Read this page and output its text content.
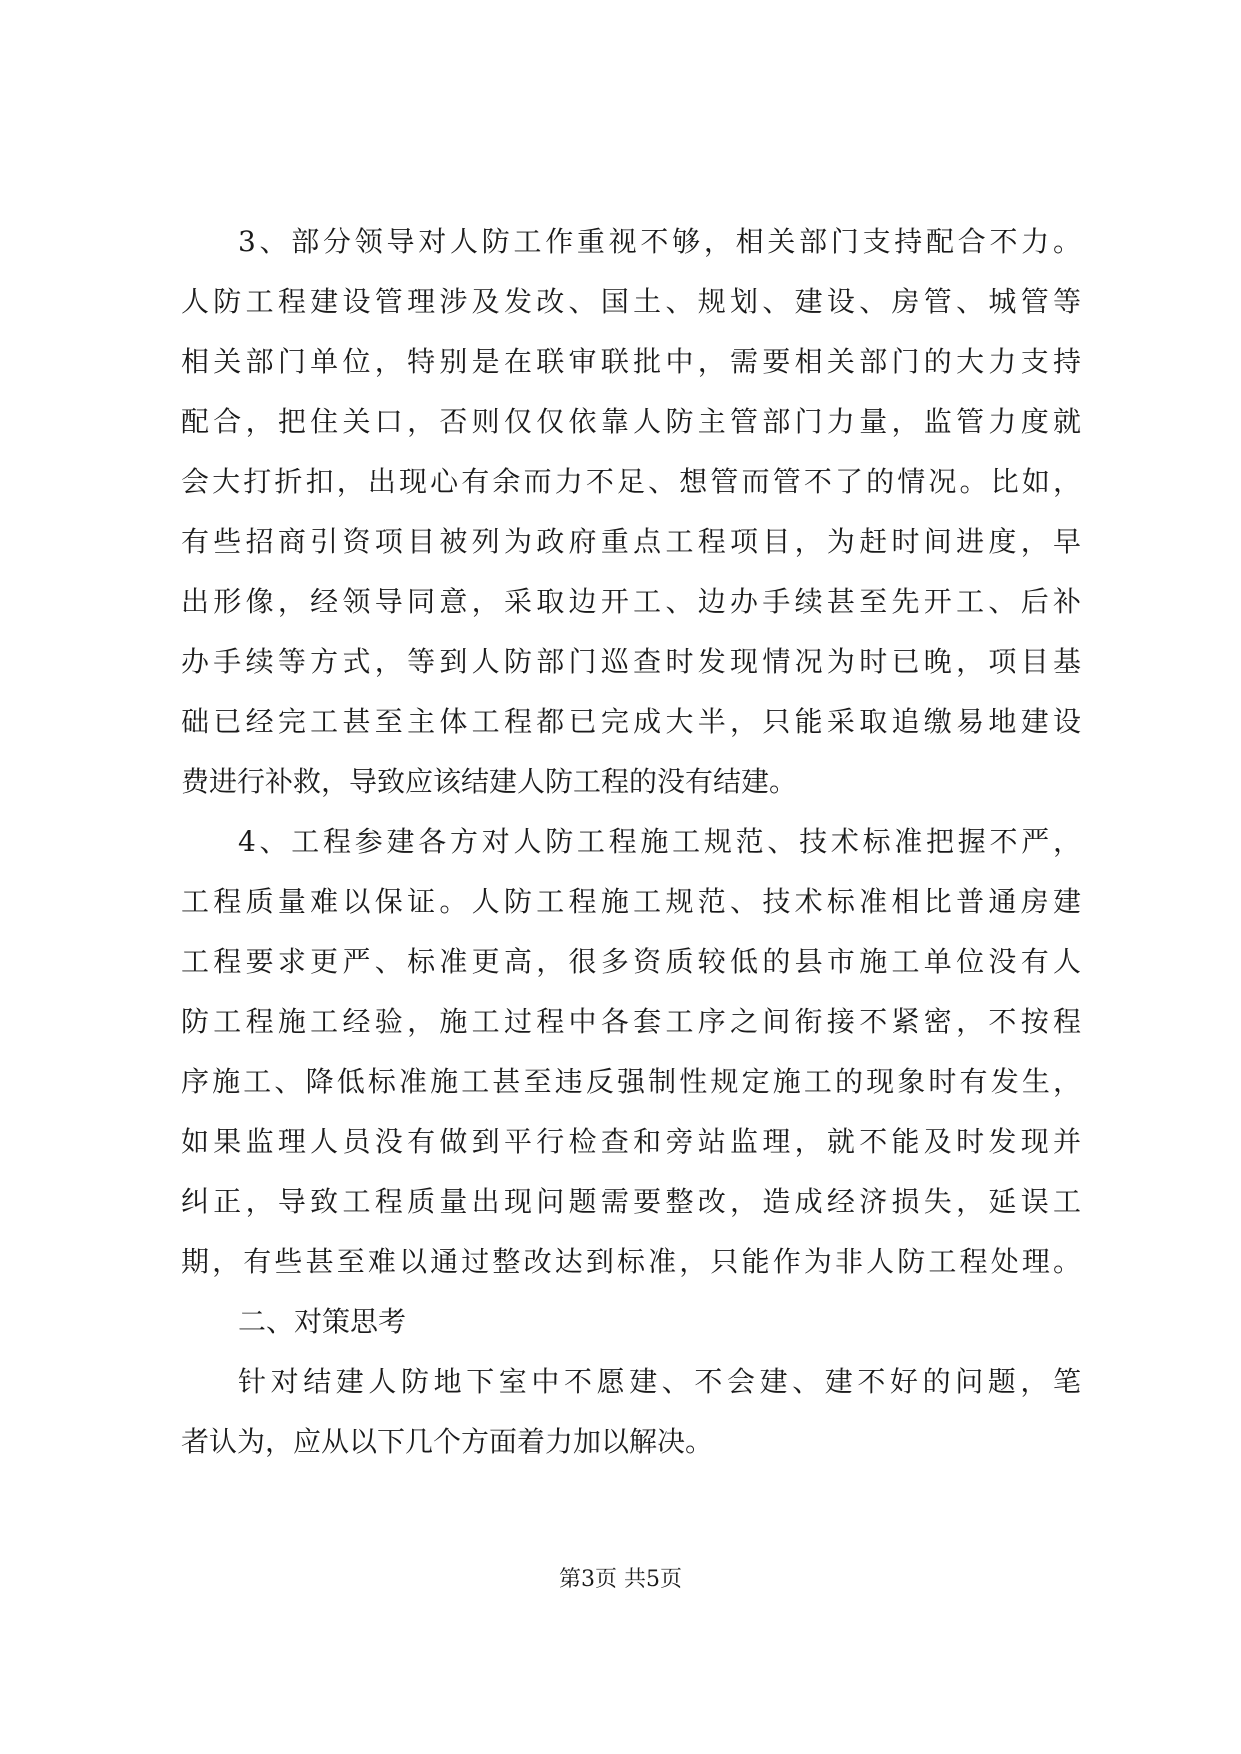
3、部分领导对人防工作重视不够，相关部门支持配合不力。
人防工程建设管理涉及发改、国土、规划、建设、房管、城管等
相关部门单位，特别是在联审联批中，需要相关部门的大力支持
配合，把住关口，否则仅仅依靠人防主管部门力量，监管力度就
会大打折扣，出现心有余而力不足、想管而管不了的情况。比如，
有些招商引资项目被列为政府重点工程项目，为赶时间进度，早
出形像，经领导同意，采取边开工、边办手续甚至先开工、后补
办手续等方式，等到人防部门巡查时发现情况为时已晚，项目基
础已经完工甚至主体工程都已完成大半，只能采取追缴易地建设
费进行补救，导致应该结建人防工程的没有结建。
4、工程参建各方对人防工程施工规范、技术标准把握不严，
工程质量难以保证。人防工程施工规范、技术标准相比普通房建
工程要求更严、标准更高，很多资质较低的县市施工单位没有人
防工程施工经验，施工过程中各套工序之间衔接不紧密，不按程
序施工、降低标准施工甚至违反强制性规定施工的现象时有发生，
如果监理人员没有做到平行检查和旁站监理，就不能及时发现并
纠正，导致工程质量出现问题需要整改，造成经济损失，延误工
期，有些甚至难以通过整改达到标准，只能作为非人防工程处理。
二、对策思考
针对结建人防地下室中不愿建、不会建、建不好的问题，笔
者认为，应从以下几个方面着力加以解决。
第3页 共5页
